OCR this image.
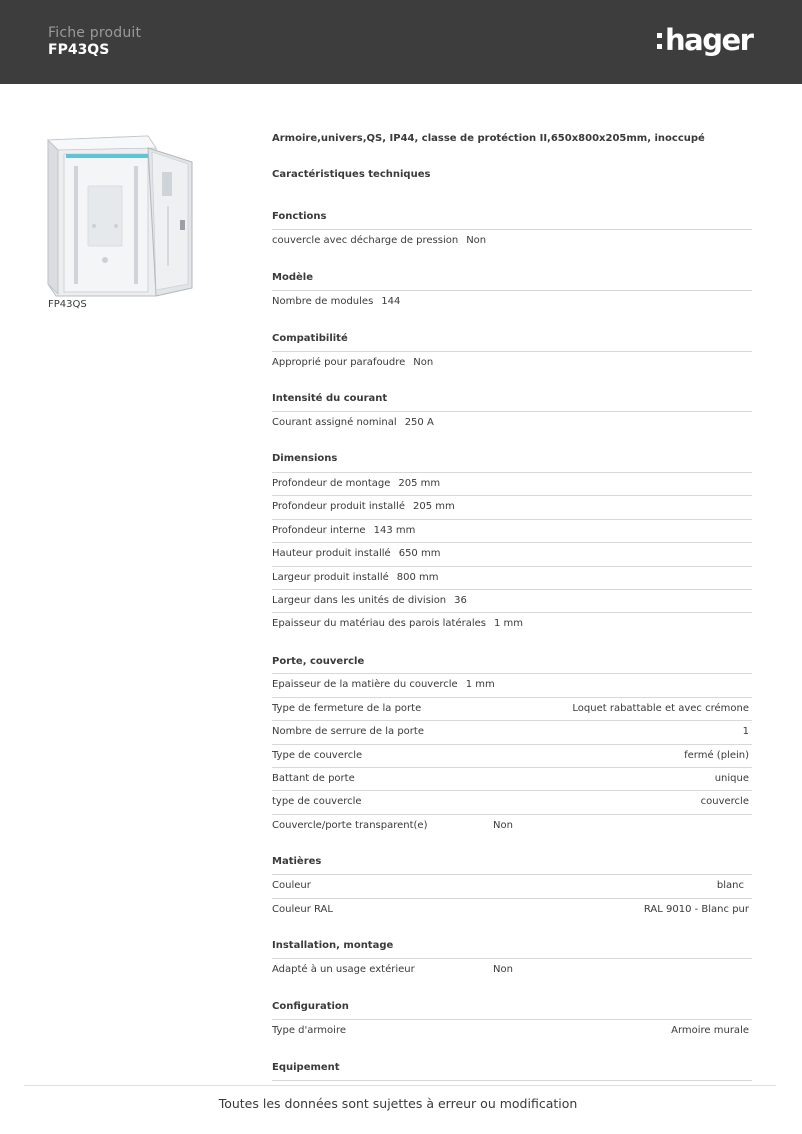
Fiche produit
FP43QS	hager
FP43QS
Armoire,univers,QS, IP44, classe de protéction II,650x800x205mm, inoccupé
Caractéristiques techniques
Fonctions
couvercle avec décharge de pression Non
Modèle
Nombre de modules 144
Compatibilité
Approprié pour parafoudre Non
Intensité du courant
Courant assigné nominal 250 A
Dimensions
Profondeur de montage 205 mm
Profondeur produit installé 205 mm
Profondeur interne 143 mm
Hauteur produit installé 650 mm
Largeur produit installé 800 mm
Largeur dans les unités de division 36
Epaisseur du matériau des parois latérales 1 mm
Porte, couvercle
Epaisseur de la matière du couvercle 1 mm
Type de fermeture de la porte	Loquet rabattable et avec crémone
Nombre de serrure de la porte	1
Type de couvercle	fermé (plein)
Battant de porte	unique
type de couvercle	couvercle
Couvercle/porte transparent(e)	Non
Matières
Couleur	blanc
Couleur RAL	RAL 9010 - Blanc pur
Installation, montage
Adapté à un usage extérieur	Non
Configuration
Type d'armoire	Armoire murale
Equipement
Toutes les données sont sujettes à erreur ou modification
